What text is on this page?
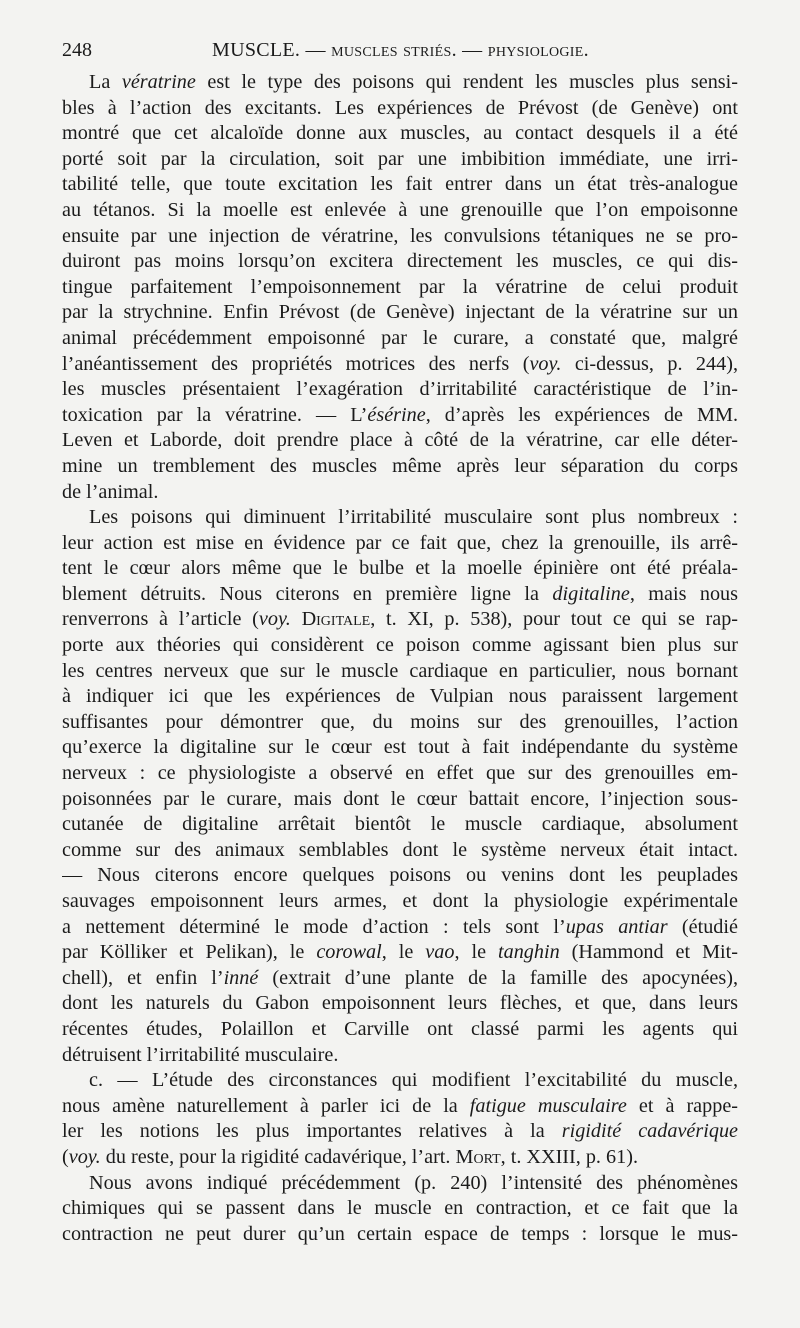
248	MUSCLE. — muscles striés. — physiologie.
La vératrine est le type des poisons qui rendent les muscles plus sensi-
bles à l’action des excitants. Les expériences de Prévost (de Genève) ont
montré que cet alcaloïde donne aux muscles, au contact desquels il a été
porté soit par la circulation, soit par une imbibition immédiate, une irri-
tabilité telle, que toute excitation les fait entrer dans un état très-analogue
au tétanos. Si la moelle est enlevée à une grenouille que l’on empoisonne
ensuite par une injection de vératrine, les convulsions tétaniques ne se pro-
duiront pas moins lorsqu’on excitera directement les muscles, ce qui dis-
tingue parfaitement l’empoisonnement par la vératrine de celui produit
par la strychnine. Enfin Prévost (de Genève) injectant de la vératrine sur un
animal précédemment empoisonné par le curare, a constaté que, malgré
l’anéantissement des propriétés motrices des nerfs (voy. ci-dessus, p. 244),
les muscles présentaient l’exagération d’irritabilité caractéristique de l’in-
toxication par la vératrine. — L’ésérine, d’après les expériences de MM.
Leven et Laborde, doit prendre place à côté de la vératrine, car elle déter-
mine un tremblement des muscles même après leur séparation du corps
de l’animal.
Les poisons qui diminuent l’irritabilité musculaire sont plus nombreux :
leur action est mise en évidence par ce fait que, chez la grenouille, ils arrê-
tent le cœur alors même que le bulbe et la moelle épinière ont été préala-
blement détruits. Nous citerons en première ligne la digitaline, mais nous
renverrons à l’article (voy. Digitale, t. XI, p. 538), pour tout ce qui se rap-
porte aux théories qui considèrent ce poison comme agissant bien plus sur
les centres nerveux que sur le muscle cardiaque en particulier, nous bornant
à indiquer ici que les expériences de Vulpian nous paraissent largement
suffisantes pour démontrer que, du moins sur des grenouilles, l’action
qu’exerce la digitaline sur le cœur est tout à fait indépendante du système
nerveux : ce physiologiste a observé en effet que sur des grenouilles em-
poisonnées par le curare, mais dont le cœur battait encore, l’injection sous-
cutanée de digitaline arrêtait bientôt le muscle cardiaque, absolument
comme sur des animaux semblables dont le système nerveux était intact.
— Nous citerons encore quelques poisons ou venins dont les peuplades
sauvages empoisonnent leurs armes, et dont la physiologie expérimentale
a nettement déterminé le mode d’action : tels sont l’upas antiar (étudié
par Kölliker et Pelikan), le corowal, le vao, le tanghin (Hammond et Mit-
chell), et enfin l’inné (extrait d’une plante de la famille des apocynées),
dont les naturels du Gabon empoisonnent leurs flèches, et que, dans leurs
récentes études, Polaillon et Carville ont classé parmi les agents qui
détruisent l’irritabilité musculaire.
c. — L’étude des circonstances qui modifient l’excitabilité du muscle,
nous amène naturellement à parler ici de la fatigue musculaire et à rappe-
ler les notions les plus importantes relatives à la rigidité cadavérique
(voy. du reste, pour la rigidité cadavérique, l’art. Mort, t. XXIII, p. 61).
Nous avons indiqué précédemment (p. 240) l’intensité des phénomènes
chimiques qui se passent dans le muscle en contraction, et ce fait que la
contraction ne peut durer qu’un certain espace de temps : lorsque le mus-
